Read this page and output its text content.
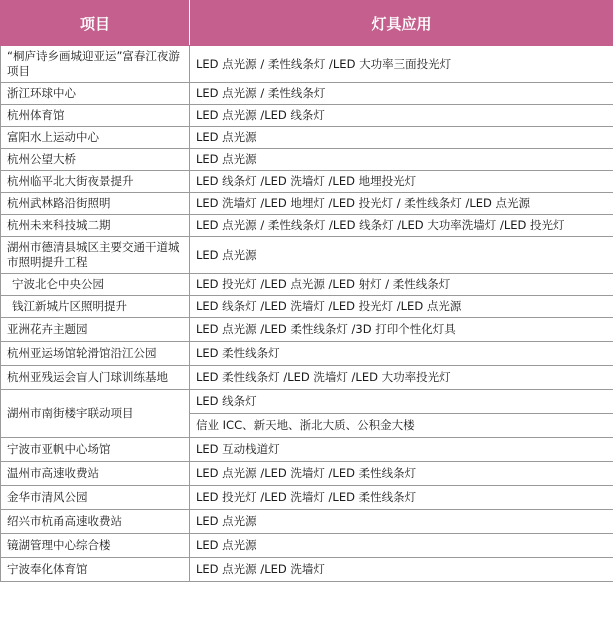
项目	灯具应用
“桐庐诗乡画城迎亚运”富春江夜游项目	LED 点光源 / 柔性线条灯 /LED 大功率三面投光灯
浙江环球中心	LED 点光源 / 柔性线条灯
杭州体育馆	LED 点光源 /LED 线条灯
富阳水上运动中心	LED 点光源
杭州公望大桥	LED 点光源
杭州临平北大街夜景提升	LED 线条灯 /LED 洗墙灯 /LED 地埋投光灯
杭州武林路沿街照明	LED 洗墙灯 /LED 地埋灯 /LED 投光灯 / 柔性线条灯 /LED 点光源
杭州未来科技城二期	LED 点光源 / 柔性线条灯 /LED 线条灯 /LED 大功率洗墙灯 /LED 投光灯
湖州市德清县城区主要交通干道城市照明提升工程	LED 点光源
宁波北仑中央公园	LED 投光灯 /LED 点光源 /LED 射灯 / 柔性线条灯
钱江新城片区照明提升	LED 线条灯 /LED 洗墙灯 /LED 投光灯 /LED 点光源
亚洲花卉主题园	LED 点光源 /LED 柔性线条灯 /3D 打印个性化灯具
杭州亚运场馆轮滑馆沿江公园	LED 柔性线条灯
杭州亚残运会盲人门球训练基地	LED 柔性线条灯 /LED 洗墙灯 /LED 大功率投光灯
湖州市南街楼宇联动项目	LED 线条灯
	信业 ICC、新天地、浙北大质、公积金大楼
宁波市亚帆中心场馆	LED 互动栈道灯
温州市高速收费站	LED 点光源 /LED 洗墙灯 /LED 柔性线条灯
金华市清风公园	LED 投光灯 /LED 洗墙灯 /LED 柔性线条灯
绍兴市杭甬高速收费站	LED 点光源
镜湖管理中心综合楼	LED 点光源
宁波奉化体育馆	LED 点光源 /LED 洗墙灯
